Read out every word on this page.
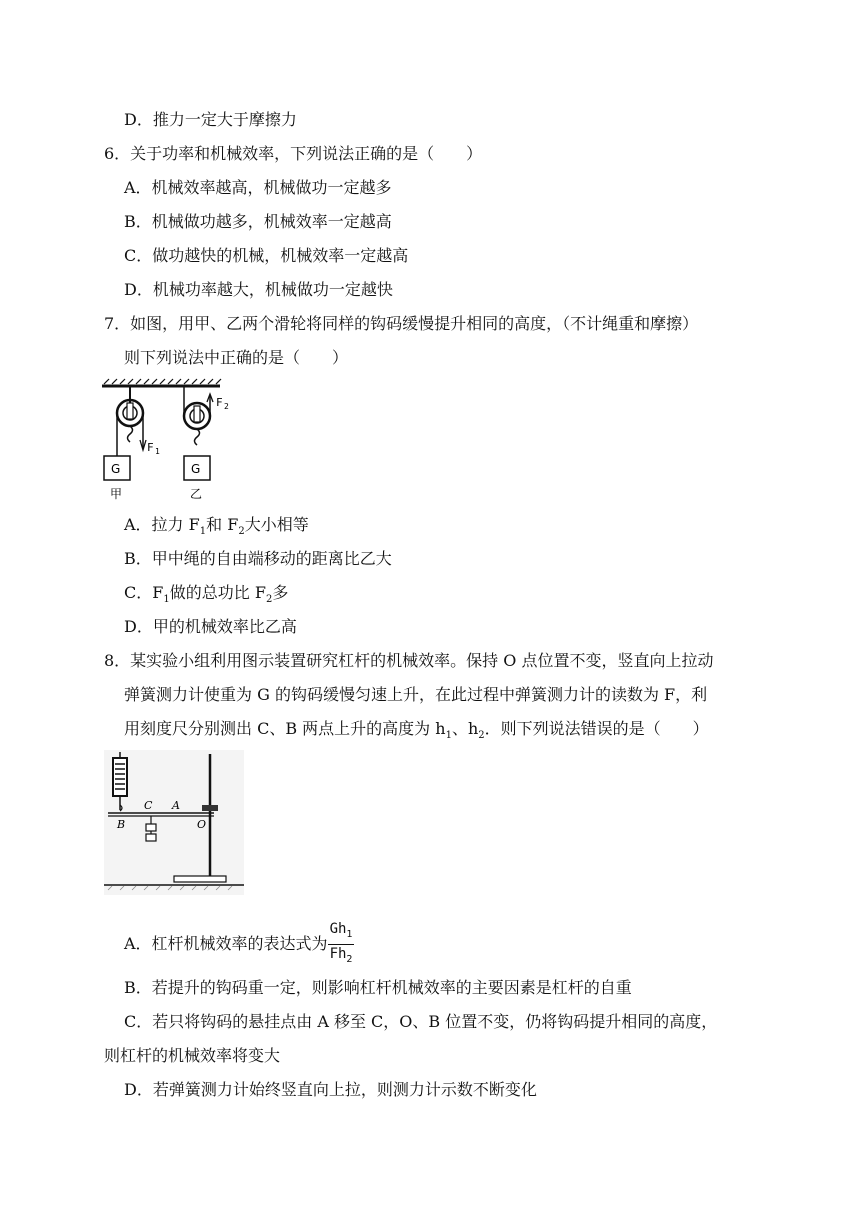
D．推力一定大于摩擦力
6．关于功率和机械效率，下列说法正确的是（　　）
A．机械效率越高，机械做功一定越多
B．机械做功越多，机械效率一定越高
C．做功越快的机械，机械效率一定越高
D．机械功率越大，机械做功一定越快
7．如图，用甲、乙两个滑轮将同样的钩码缓慢提升相同的高度，（不计绳重和摩擦）
则下列说法中正确的是（　　）
G
F 1
甲
G
F 2
乙
A．拉力 $F_1$和 $F_2$大小相等
B．甲中绳的自由端移动的距离比乙大
C．$F_1$做的总功比 $F_2$多
D．甲的机械效率比乙高
8．某实验小组利用图示装置研究杠杆的机械效率。保持 O 点位置不变，竖直向上拉动
弹簧测力计使重为 G 的钩码缓慢匀速上升，在此过程中弹簧测力计的读数为 F，利
用刻度尺分别测出 C、B 两点上升的高度为 $h_1$、$h_2$．则下列说法错误的是（　　）
B
C A
O
A．杠杆机械效率的表达式为 $\frac{Gh_1}{Fh_2}$
B．若提升的钩码重一定，则影响杠杆机械效率的主要因素是杠杆的自重
C．若只将钩码的悬挂点由 A 移至 C，O、B 位置不变，仍将钩码提升相同的高度，
则杠杆的机械效率将变大
D．若弹簧测力计始终竖直向上拉，则测力计示数不断变化
